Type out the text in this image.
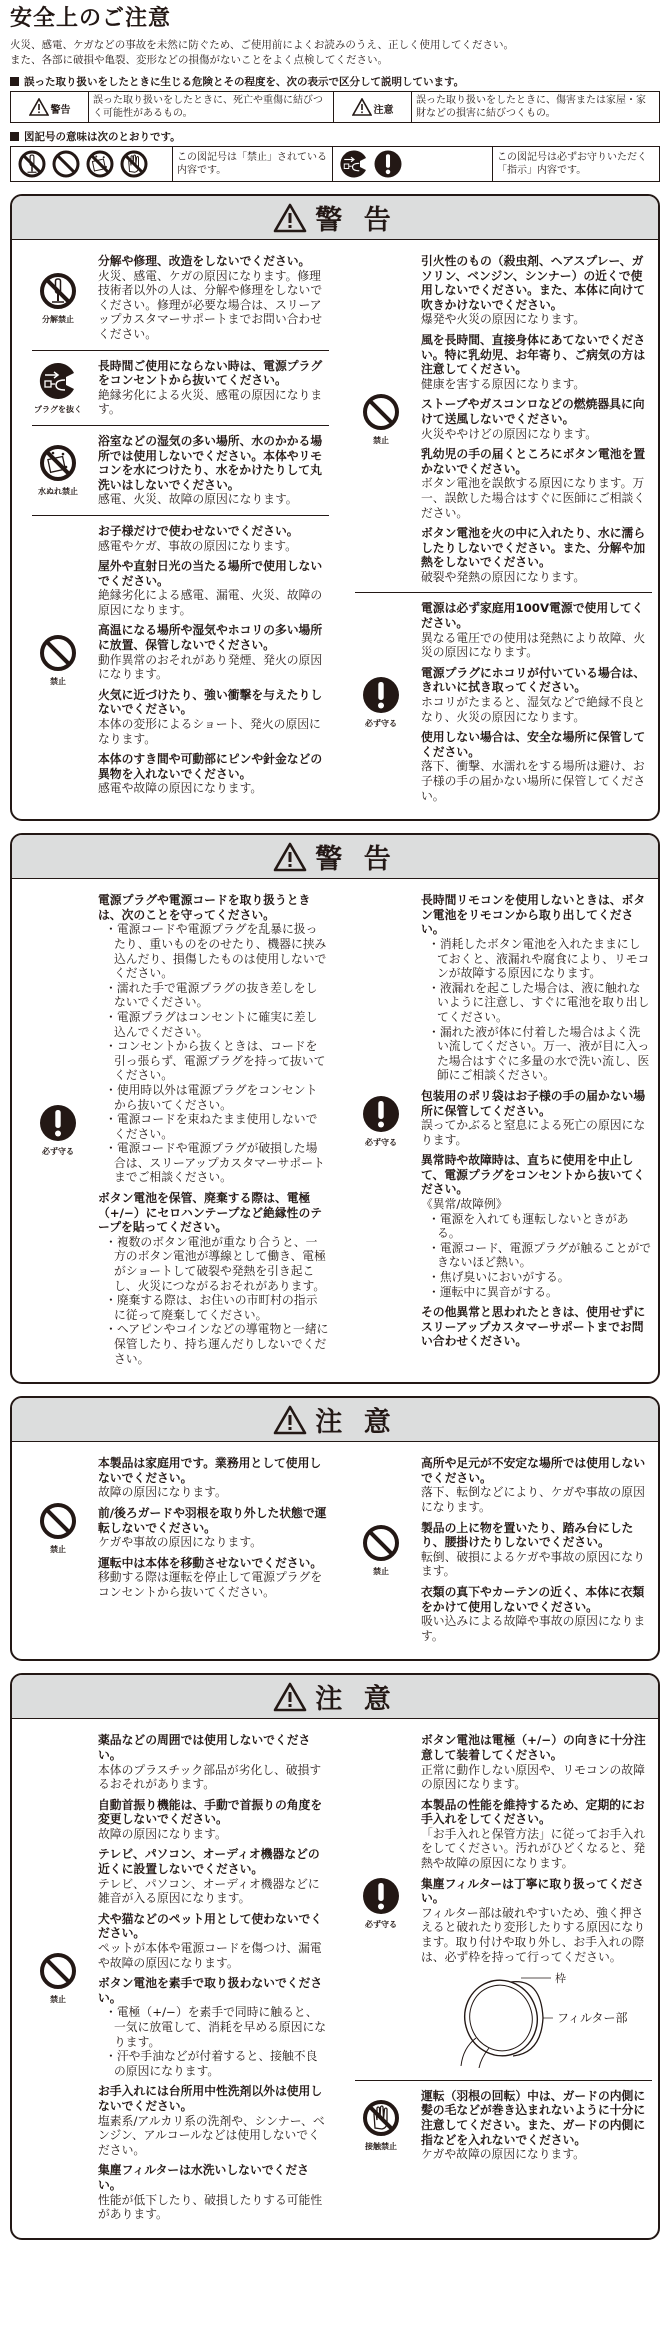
安全上のご注意
火災、感電、ケガなどの事故を未然に防ぐため、ご使用前によくお読みのうえ、正しく使用してください。
また、各部に破損や亀裂、変形などの損傷がないことをよく点検してください。
誤った取り扱いをしたときに生じる危険とその程度を、次の表示で区分して説明しています。
警告	誤った取り扱いをしたときに、死亡や重傷に結びつく可能性があるもの。	注意	誤った取り扱いをしたときに、傷害または家屋・家財などの損害に結びつくもの。
図記号の意味は次のとおりです。
	この図記号は「禁止」されている内容です。		この図記号は必ずお守りいただく「指示」内容です。
警 告
分解禁止
分解や修理、改造をしないでください。
火災、感電、ケガの原因になります。修理技術者以外の人は、分解や修理をしないでください。修理が必要な場合は、スリーアップカスタマーサポートまでお問い合わせください。
プラグを抜く
長時間ご使用にならない時は、電源プラグをコンセントから抜いてください。
絶縁劣化による火災、感電の原因になります。
水ぬれ禁止
浴室などの湿気の多い場所、水のかかる場所では使用しないでください。本体やリモコンを水につけたり、水をかけたりして丸洗いはしないでください。
感電、火災、故障の原因になります。
禁止
お子様だけで使わせないでください。
感電やケガ、事故の原因になります。
屋外や直射日光の当たる場所で使用しないでください。
絶縁劣化による感電、漏電、火災、故障の原因になります。
高温になる場所や湿気やホコリの多い場所に放置、保管しないでください。
動作異常のおそれがあり発煙、発火の原因になります。
火気に近づけたり、強い衝撃を与えたりしないでください。
本体の変形によるショート、発火の原因になります。
本体のすき間や可動部にピンや針金などの異物を入れないでください。
感電や故障の原因になります。
禁止
引火性のもの（殺虫剤、ヘアスプレー、ガソリン、ベンジン、シンナー）の近くで使用しないでください。また、本体に向けて吹きかけないでください。
爆発や火災の原因になります。
風を長時間、直接身体にあてないでください。特に乳幼児、お年寄り、ご病気の方は注意してください。
健康を害する原因になります。
ストーブやガスコンロなどの燃焼器具に向けて送風しないでください。
火災ややけどの原因になります。
乳幼児の手の届くところにボタン電池を置かないでください。
ボタン電池を誤飲する原因になります。万一、誤飲した場合はすぐに医師にご相談ください。
ボタン電池を火の中に入れたり、水に濡らしたりしないでください。また、分解や加熱をしないでください。
破裂や発熱の原因になります。
必ず守る
電源は必ず家庭用100V電源で使用してください。
異なる電圧での使用は発熱により故障、火災の原因になります。
電源プラグにホコリが付いている場合は、きれいに拭き取ってください。
ホコリがたまると、湿気などで絶縁不良となり、火災の原因になります。
使用しない場合は、安全な場所に保管してください。
落下、衝撃、水濡れをする場所は避け、お子様の手の届かない場所に保管してください。
警 告
必ず守る
電源プラグや電源コードを取り扱うときは、次のことを守ってください。
・電源コードや電源プラグを乱暴に扱ったり、重いものをのせたり、機器に挟み込んだり、損傷したものは使用しないでください。
・濡れた手で電源プラグの抜き差しをしないでください。
・電源プラグはコンセントに確実に差し込んでください。
・コンセントから抜くときは、コードを引っ張らず、電源プラグを持って抜いてください。
・使用時以外は電源プラグをコンセントから抜いてください。
・電源コードを束ねたまま使用しないでください。
・電源コードや電源プラグが破損した場合は、スリーアップカスタマーサポートまでご相談ください。
ボタン電池を保管、廃棄する際は、電極（+/−）にセロハンテープなど絶縁性のテープを貼ってください。
・複数のボタン電池が重なり合うと、一方のボタン電池が導線として働き、電極がショートして破裂や発熱を引き起こし、火災につながるおそれがあります。
・廃棄する際は、お住いの市町村の指示に従って廃棄してください。
・ヘアピンやコインなどの導電物と一緒に保管したり、持ち運んだりしないでください。
必ず守る
長時間リモコンを使用しないときは、ボタン電池をリモコンから取り出してください。
・消耗したボタン電池を入れたままにしておくと、液漏れや腐食により、リモコンが故障する原因になります。
・液漏れを起こした場合は、液に触れないように注意し、すぐに電池を取り出してください。
・漏れた液が体に付着した場合はよく洗い流してください。万一、液が目に入った場合はすぐに多量の水で洗い流し、医師にご相談ください。
包装用のポリ袋はお子様の手の届かない場所に保管してください。
誤ってかぶると窒息による死亡の原因になります。
異常時や故障時は、直ちに使用を中止して、電源プラグをコンセントから抜いてください。
《異常/故障例》
・電源を入れても運転しないときがある。
・電源コード、電源プラグが触ることができないほど熱い。
・焦げ臭いにおいがする。
・運転中に異音がする。
その他異常と思われたときは、使用せずにスリーアップカスタマーサポートまでお問い合わせください。
注 意
禁止
本製品は家庭用です。業務用として使用しないでください。
故障の原因になります。
前/後ろガードや羽根を取り外した状態で運転しないでください。
ケガや事故の原因になります。
運転中は本体を移動させないでください。
移動する際は運転を停止して電源プラグをコンセントから抜いてください。
禁止
高所や足元が不安定な場所では使用しないでください。
落下、転倒などにより、ケガや事故の原因になります。
製品の上に物を置いたり、踏み台にしたり、腰掛けたりしないでください。
転倒、破損によるケガや事故の原因になります。
衣類の真下やカーテンの近く、本体に衣類をかけて使用しないでください。
吸い込みによる故障や事故の原因になります。
注 意
禁止
薬品などの周囲では使用しないでください。
本体のプラスチック部品が劣化し、破損するおそれがあります。
自動首振り機能は、手動で首振りの角度を変更しないでください。
故障の原因になります。
テレビ、パソコン、オーディオ機器などの近くに設置しないでください。
テレビ、パソコン、オーディオ機器などに雑音が入る原因になります。
犬や猫などのペット用として使わないでください。
ペットが本体や電源コードを傷つけ、漏電や故障の原因になります。
ボタン電池を素手で取り扱わないでください。
・電極（+/−）を素手で同時に触ると、一気に放電して、消耗を早める原因になります。
・汗や手油などが付着すると、接触不良の原因になります。
お手入れには台所用中性洗剤以外は使用しないでください。
塩素系/アルカリ系の洗剤や、シンナー、ベンジン、アルコールなどは使用しないでください。
集塵フィルターは水洗いしないでください。
性能が低下したり、破損したりする可能性があります。
必ず守る
ボタン電池は電極（+/−）の向きに十分注意して装着してください。
正常に動作しない原因や、リモコンの故障の原因になります。
本製品の性能を維持するため、定期的にお手入れをしてください。
「お手入れと保管方法」に従ってお手入れをしてください。汚れがひどくなると、発熱や故障の原因になります。
集塵フィルターは丁寧に取り扱ってください。
フィルター部は破れやすいため、強く押さえると破れたり変形したりする原因になります。取り付けや取り外し、お手入れの際は、必ず枠を持って行ってください。
枠
フィルター部
接触禁止
運転（羽根の回転）中は、ガードの内側に髪の毛などが巻き込まれないように十分に注意してください。また、ガードの内側に指などを入れないでください。
ケガや故障の原因になります。
